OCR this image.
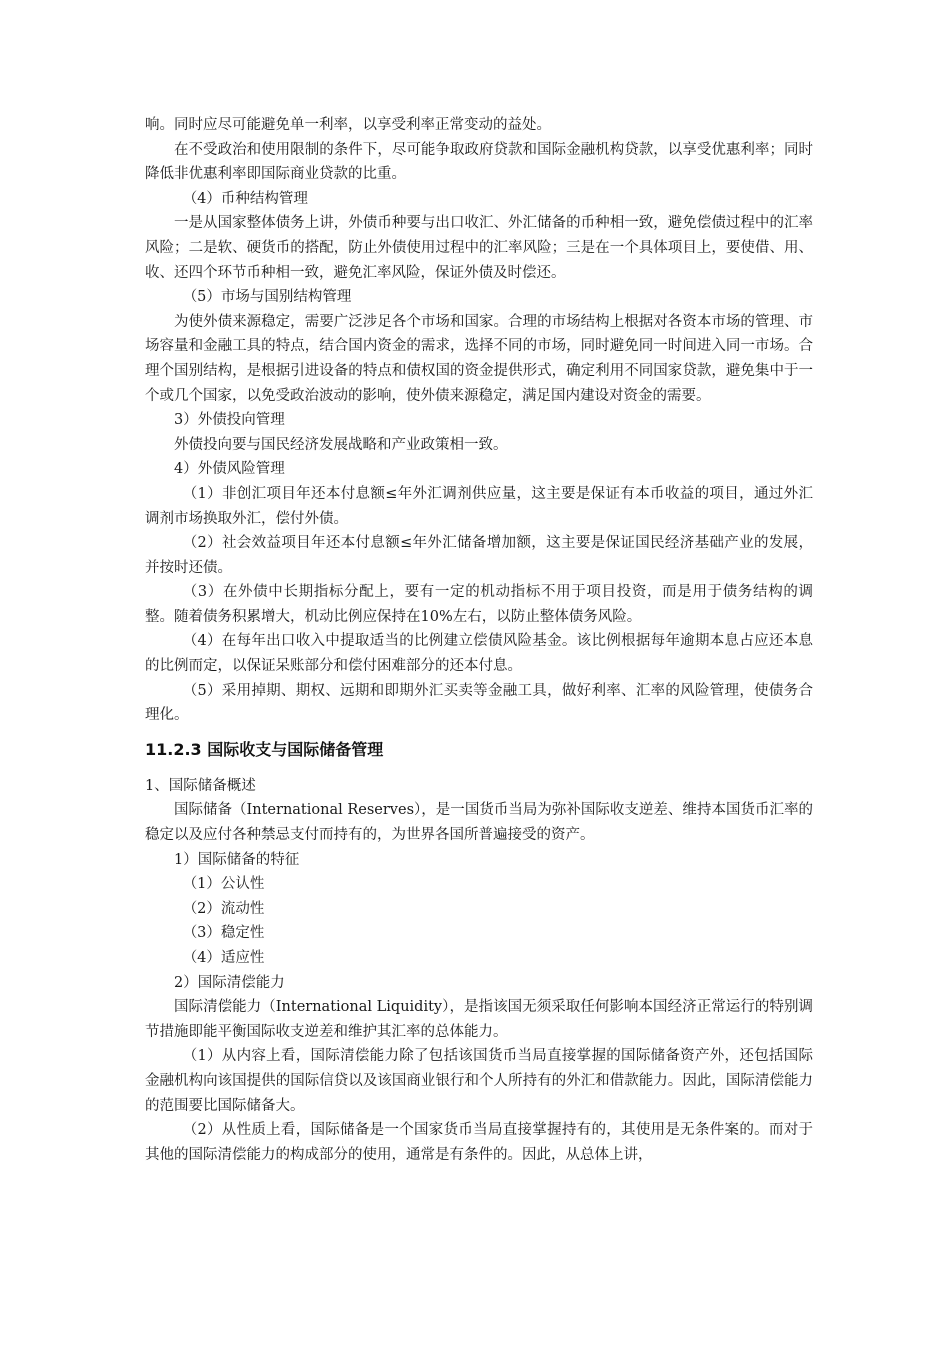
响。同时应尽可能避免单一利率，以享受利率正常变动的益处。

在不受政治和使用限制的条件下，尽可能争取政府贷款和国际金融机构贷款，以享受优惠利率；同时降低非优惠利率即国际商业贷款的比重。

（4）币种结构管理

一是从国家整体债务上讲，外债币种要与出口收汇、外汇储备的币种相一致，避免偿债过程中的汇率风险；二是软、硬货币的搭配，防止外债使用过程中的汇率风险；三是在一个具体项目上，要使借、用、收、还四个环节币种相一致，避免汇率风险，保证外债及时偿还。

（5）市场与国别结构管理

为使外债来源稳定，需要广泛涉足各个市场和国家。合理的市场结构上根据对各资本市场的管理、市场容量和金融工具的特点，结合国内资金的需求，选择不同的市场，同时避免同一时间进入同一市场。合理个国别结构，是根据引进设备的特点和债权国的资金提供形式，确定利用不同国家贷款，避免集中于一个或几个国家，以免受政治波动的影响，使外债来源稳定，满足国内建设对资金的需要。

3）外债投向管理

外债投向要与国民经济发展战略和产业政策相一致。

4）外债风险管理

（1）非创汇项目年还本付息额≤年外汇调剂供应量，这主要是保证有本币收益的项目，通过外汇调剂市场换取外汇，偿付外债。

（2）社会效益项目年还本付息额≤年外汇储备增加额，这主要是保证国民经济基础产业的发展，并按时还债。

（3）在外债中长期指标分配上，要有一定的机动指标不用于项目投资，而是用于债务结构的调整。随着债务积累增大，机动比例应保持在10%左右，以防止整体债务风险。

（4）在每年出口收入中提取适当的比例建立偿债风险基金。该比例根据每年逾期本息占应还本息的比例而定，以保证呆账部分和偿付困难部分的还本付息。

（5）采用掉期、期权、远期和即期外汇买卖等金融工具，做好利率、汇率的风险管理，使债务合理化。

11.2.3 国际收支与国际储备管理

1、国际储备概述

国际储备（International Reserves），是一国货币当局为弥补国际收支逆差、维持本国货币汇率的稳定以及应付各种禁忌支付而持有的，为世界各国所普遍接受的资产。

1）国际储备的特征

（1）公认性

（2）流动性

（3）稳定性

（4）适应性

2）国际清偿能力

国际清偿能力（International Liquidity），是指该国无须采取任何影响本国经济正常运行的特别调节措施即能平衡国际收支逆差和维护其汇率的总体能力。

（1）从内容上看，国际清偿能力除了包括该国货币当局直接掌握的国际储备资产外，还包括国际金融机构向该国提供的国际信贷以及该国商业银行和个人所持有的外汇和借款能力。因此，国际清偿能力的范围要比国际储备大。

（2）从性质上看，国际储备是一个国家货币当局直接掌握持有的，其使用是无条件案的。而对于其他的国际清偿能力的构成部分的使用，通常是有条件的。因此，从总体上讲，
